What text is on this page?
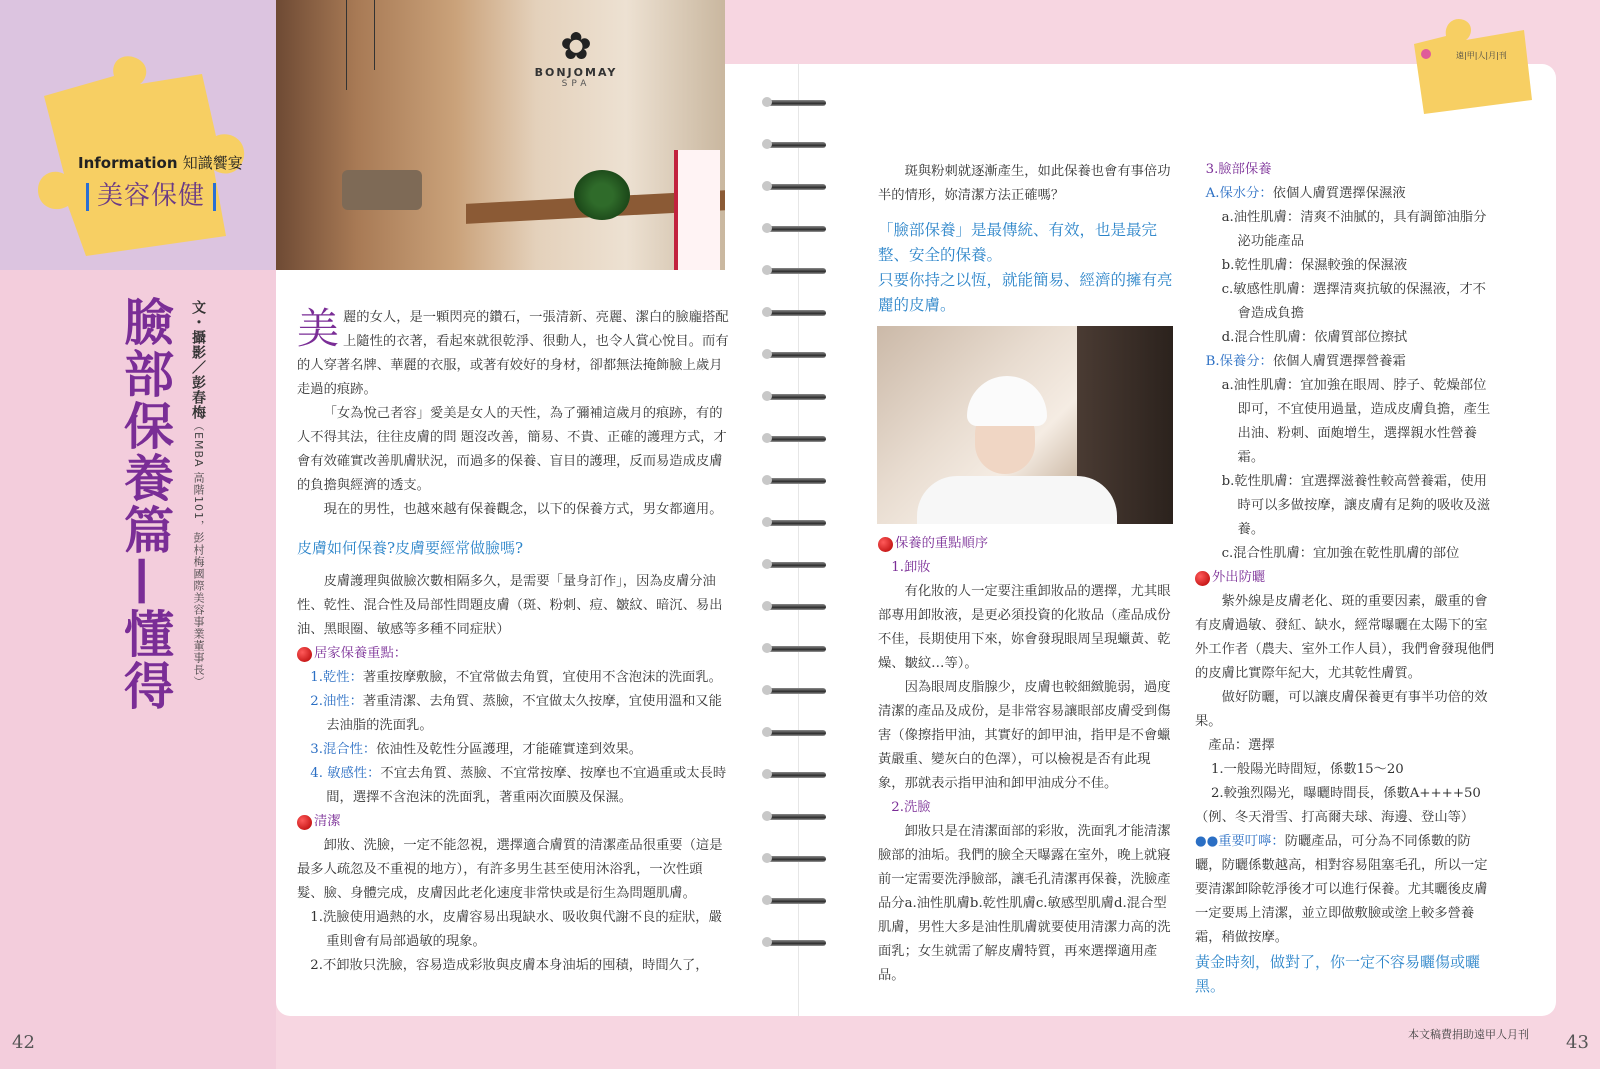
✿
BONJOMAY
SPA
Information 知識饗宴
美容保健
遠|甲|人|月|刊
臉部保養篇—懂得	文・攝影／彭春梅（EMBA 高階101，彭村梅國際美容事業董事長）

美麗的女人，是一顆閃亮的鑽石，一張清新、亮麗、潔白的臉龐搭配上隨性的衣著，看起來就很乾淨、很動人，也令人賞心悅目。而有的人穿著名牌、華麗的衣服，或著有姣好的身材，卻都無法掩飾臉上歲月走過的痕跡。

「女為悅己者容」愛美是女人的天性，為了彌補這歲月的痕跡，有的人不得其法，往往皮膚的問 題沒改善，簡易、不貴、正確的護理方式，才會有效確實改善肌膚狀況，而過多的保養、盲目的護理，反而易造成皮膚的負擔與經濟的透支。

現在的男性，也越來越有保養觀念，以下的保養方式，男女都適用。

皮膚如何保養?皮膚要經常做臉嗎?

皮膚護理與做臉次數相隔多久，是需要「量身訂作」，因為皮膚分油性、乾性、混合性及局部性問題皮膚（斑、粉刺、痘、皺紋、暗沉、易出油、黑眼圈、敏感等多種不同症狀）

居家保養重點：

1.乾性：著重按摩敷臉，不宜常做去角質，宜使用不含泡沫的洗面乳。

2.油性：著重清潔、去角質、蒸臉，不宜做太久按摩，宜使用溫和又能去油脂的洗面乳。

3.混合性：依油性及乾性分區護理，才能確實達到效果。

4. 敏感性：不宜去角質、蒸臉、不宜常按摩、按摩也不宜過重或太長時間，選擇不含泡沫的洗面乳，著重兩次面膜及保濕。

清潔

卸妝、洗臉，一定不能忽視，選擇適合膚質的清潔產品很重要（這是最多人疏忽及不重視的地方），有許多男生甚至使用沐浴乳，一次性頭髮、臉、身體完成，皮膚因此老化速度非常快或是衍生為問題肌膚。

1.洗臉使用過熱的水，皮膚容易出現缺水、吸收與代謝不良的症狀，嚴重則會有局部過敏的現象。

2.不卸妝只洗臉，容易造成彩妝與皮膚本身油垢的囤積，時間久了，

斑與粉刺就逐漸產生，如此保養也會有事倍功半的情形，妳清潔方法正確嗎？

「臉部保養」是最傳統、有效，也是最完整、安全的保養。

只要你持之以恆，就能簡易、經濟的擁有亮麗的皮膚。

保養的重點順序

1.卸妝

有化妝的人一定要注重卸妝品的選擇，尤其眼部專用卸妝液，是更必須投資的化妝品（產品成份不佳，長期使用下來，妳會發現眼周呈現蠟黃、乾燥、皺紋…等）。

因為眼周皮脂腺少，皮膚也較細緻脆弱，過度清潔的產品及成份，是非常容易讓眼部皮膚受到傷害（像擦指甲油，其實好的卸甲油，指甲是不會蠟黃嚴重、變灰白的色澤），可以檢視是否有此現象，那就表示指甲油和卸甲油成分不佳。

2.洗臉

卸妝只是在清潔面部的彩妝，洗面乳才能清潔臉部的油垢。我們的臉全天曝露在室外，晚上就寢前一定需要洗淨臉部，讓毛孔清潔再保養，洗臉產品分a.油性肌膚b.乾性肌膚c.敏感型肌膚d.混合型肌膚，男性大多是油性肌膚就要使用清潔力高的洗面乳；女生就需了解皮膚特質，再來選擇適用產品。

3.臉部保養

A.保水分：依個人膚質選擇保濕液

a.油性肌膚：清爽不油膩的，具有調節油脂分泌功能產品

b.乾性肌膚：保濕較強的保濕液

c.敏感性肌膚：選擇清爽抗敏的保濕液，才不會造成負擔

d.混合性肌膚：依膚質部位擦拭

B.保養分：依個人膚質選擇營養霜

a.油性肌膚：宜加強在眼周、脖子、乾燥部位即可，不宜使用過量，造成皮膚負擔，產生出油、粉刺、面皰增生，選擇親水性營養霜。

b.乾性肌膚：宜選擇滋養性較高營養霜，使用時可以多做按摩，讓皮膚有足夠的吸收及滋養。

c.混合性肌膚：宜加強在乾性肌膚的部位

外出防曬

紫外線是皮膚老化、斑的重要因素，嚴重的會有皮膚過敏、發紅、缺水，經常曝曬在太陽下的室外工作者（農夫、室外工作人員），我們會發現他們的皮膚比實際年紀大，尤其乾性膚質。

做好防曬，可以讓皮膚保養更有事半功倍的效果。

產品：選擇

1.一般陽光時間短，係數15～20

2.較強烈陽光，曝曬時間長，係數A++++50

（例、冬天滑雪、打高爾夫球、海邊、登山等）

●●重要叮嚀：防曬產品，可分為不同係數的防曬，防曬係數越高，相對容易阻塞毛孔，所以一定要清潔卸除乾淨後才可以進行保養。尤其曬後皮膚一定要馬上清潔，並立即做敷臉或塗上較多營養霜，稍做按摩。

黃金時刻，做對了，你一定不容易曬傷或曬黑。

42	43
本文稿費捐助遠甲人月刊
